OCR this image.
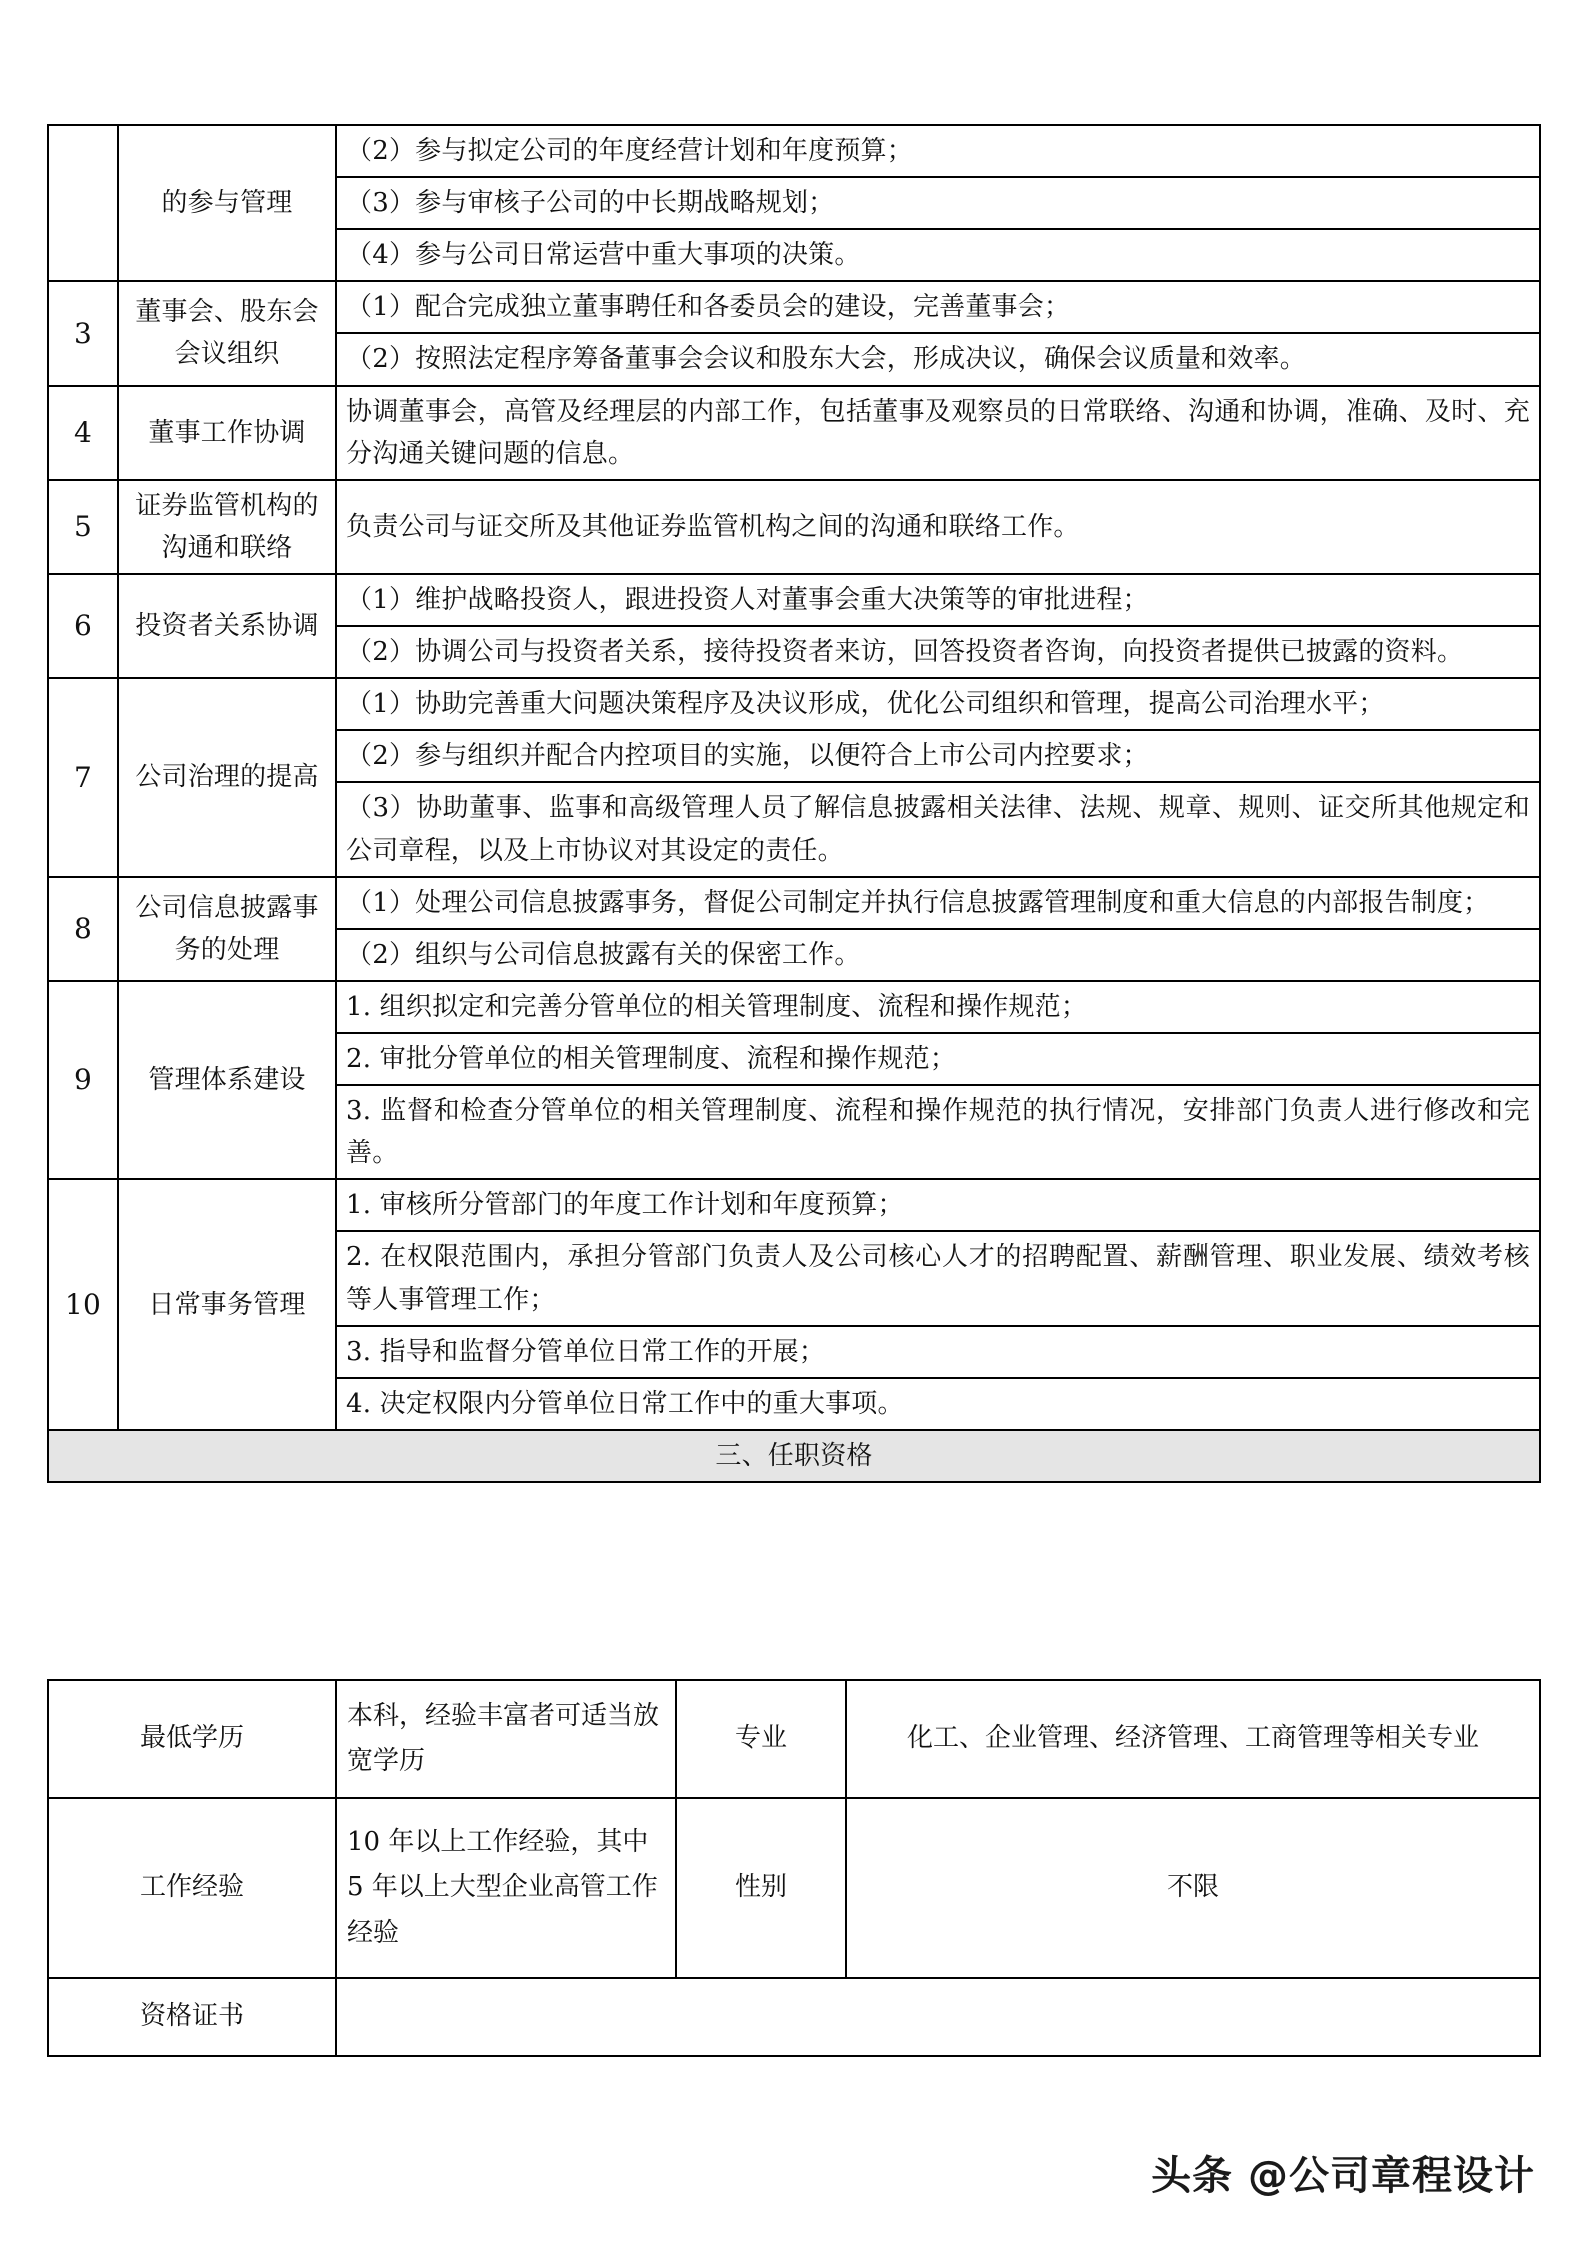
	的参与管理	（2）参与拟定公司的年度经营计划和年度预算；
		（3）参与审核子公司的中长期战略规划；
		（4）参与公司日常运营中重大事项的决策。
3	董事会、股东会会议组织	（1）配合完成独立董事聘任和各委员会的建设，完善董事会；
		（2）按照法定程序筹备董事会会议和股东大会，形成决议，确保会议质量和效率。
4	董事工作协调	协调董事会，高管及经理层的内部工作，包括董事及观察员的日常联络、沟通和协调，准确、及时、充分沟通关键问题的信息。
5	证券监管机构的沟通和联络	负责公司与证交所及其他证券监管机构之间的沟通和联络工作。
6	投资者关系协调	（1）维护战略投资人，跟进投资人对董事会重大决策等的审批进程；
		（2）协调公司与投资者关系，接待投资者来访，回答投资者咨询，向投资者提供已披露的资料。
7	公司治理的提高	（1）协助完善重大问题决策程序及决议形成，优化公司组织和管理，提高公司治理水平；
		（2）参与组织并配合内控项目的实施，以便符合上市公司内控要求；
		（3）协助董事、监事和高级管理人员了解信息披露相关法律、法规、规章、规则、证交所其他规定和公司章程，以及上市协议对其设定的责任。
8	公司信息披露事务的处理	（1）处理公司信息披露事务，督促公司制定并执行信息披露管理制度和重大信息的内部报告制度；
		（2）组织与公司信息披露有关的保密工作。
9	管理体系建设	1. 组织拟定和完善分管单位的相关管理制度、流程和操作规范；
		2. 审批分管单位的相关管理制度、流程和操作规范；
		3. 监督和检查分管单位的相关管理制度、流程和操作规范的执行情况，安排部门负责人进行修改和完善。
10	日常事务管理	1. 审核所分管部门的年度工作计划和年度预算；
		2. 在权限范围内，承担分管部门负责人及公司核心人才的招聘配置、薪酬管理、职业发展、绩效考核等人事管理工作；
		3. 指导和监督分管单位日常工作的开展；
		4. 决定权限内分管单位日常工作中的重大事项。
三、任职资格		
最低学历	本科，经验丰富者可适当放宽学历	专业	化工、企业管理、经济管理、工商管理等相关专业
工作经验	10 年以上工作经验，其中 5 年以上大型企业高管工作经验	性别	不限
资格证书			
头条 @公司章程设计
